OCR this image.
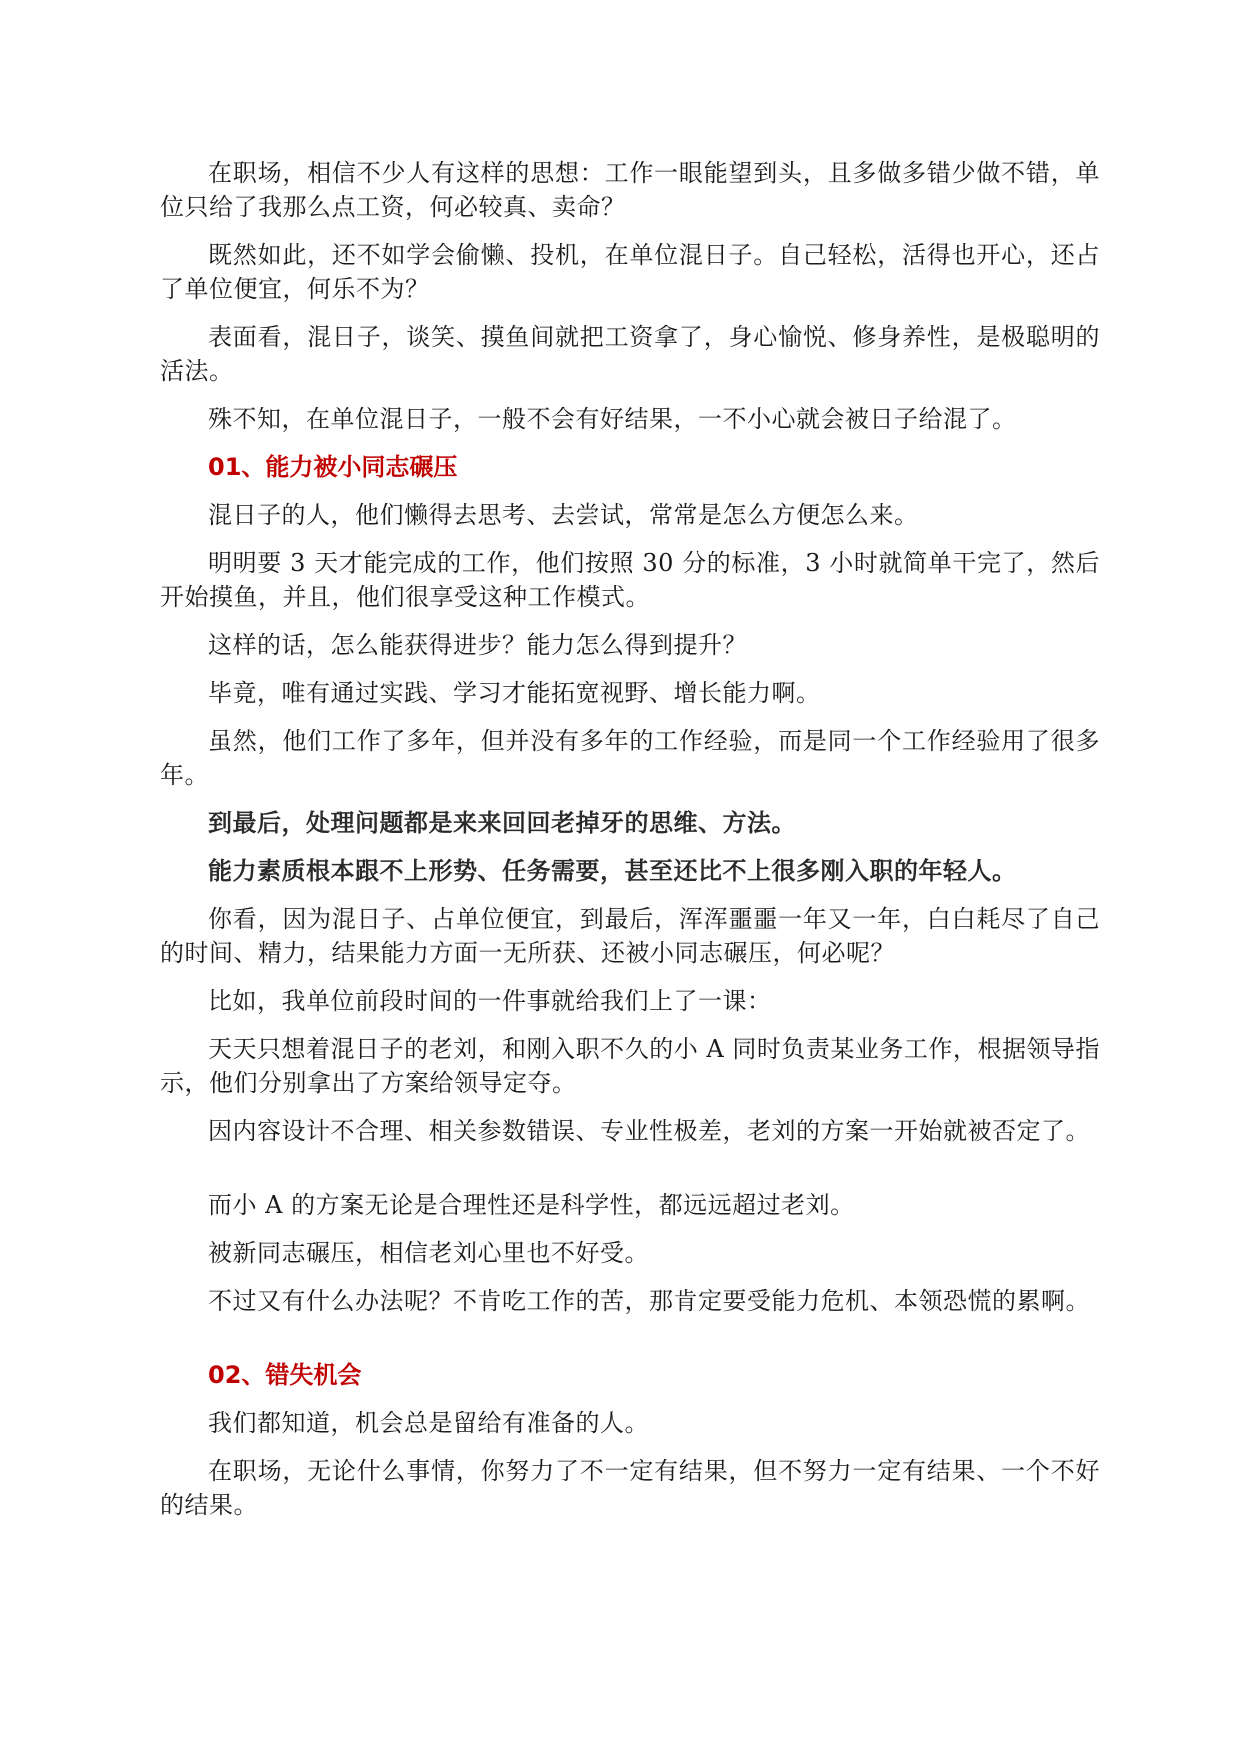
在职场，相信不少人有这样的思想：工作一眼能望到头，且多做多错少做不错，单位只给了我那么点工资，何必较真、卖命？

既然如此，还不如学会偷懒、投机，在单位混日子。自己轻松，活得也开心，还占了单位便宜，何乐不为？

表面看，混日子，谈笑、摸鱼间就把工资拿了，身心愉悦、修身养性，是极聪明的活法。

殊不知，在单位混日子，一般不会有好结果，一不小心就会被日子给混了。

01、能力被小同志碾压

混日子的人，他们懒得去思考、去尝试，常常是怎么方便怎么来。

明明要 3 天才能完成的工作，他们按照 30 分的标准，3 小时就简单干完了，然后开始摸鱼，并且，他们很享受这种工作模式。

这样的话，怎么能获得进步？能力怎么得到提升？

毕竟，唯有通过实践、学习才能拓宽视野、增长能力啊。

虽然，他们工作了多年，但并没有多年的工作经验，而是同一个工作经验用了很多年。

到最后，处理问题都是来来回回老掉牙的思维、方法。

能力素质根本跟不上形势、任务需要，甚至还比不上很多刚入职的年轻人。

你看，因为混日子、占单位便宜，到最后，浑浑噩噩一年又一年，白白耗尽了自己的时间、精力，结果能力方面一无所获、还被小同志碾压，何必呢？

比如，我单位前段时间的一件事就给我们上了一课：

天天只想着混日子的老刘，和刚入职不久的小 A 同时负责某业务工作，根据领导指示，他们分别拿出了方案给领导定夺。

因内容设计不合理、相关参数错误、专业性极差，老刘的方案一开始就被否定了。

而小 A 的方案无论是合理性还是科学性，都远远超过老刘。

被新同志碾压，相信老刘心里也不好受。

不过又有什么办法呢？不肯吃工作的苦，那肯定要受能力危机、本领恐慌的累啊。

02、错失机会

我们都知道，机会总是留给有准备的人。

在职场，无论什么事情，你努力了不一定有结果，但不努力一定有结果、一个不好的结果。
